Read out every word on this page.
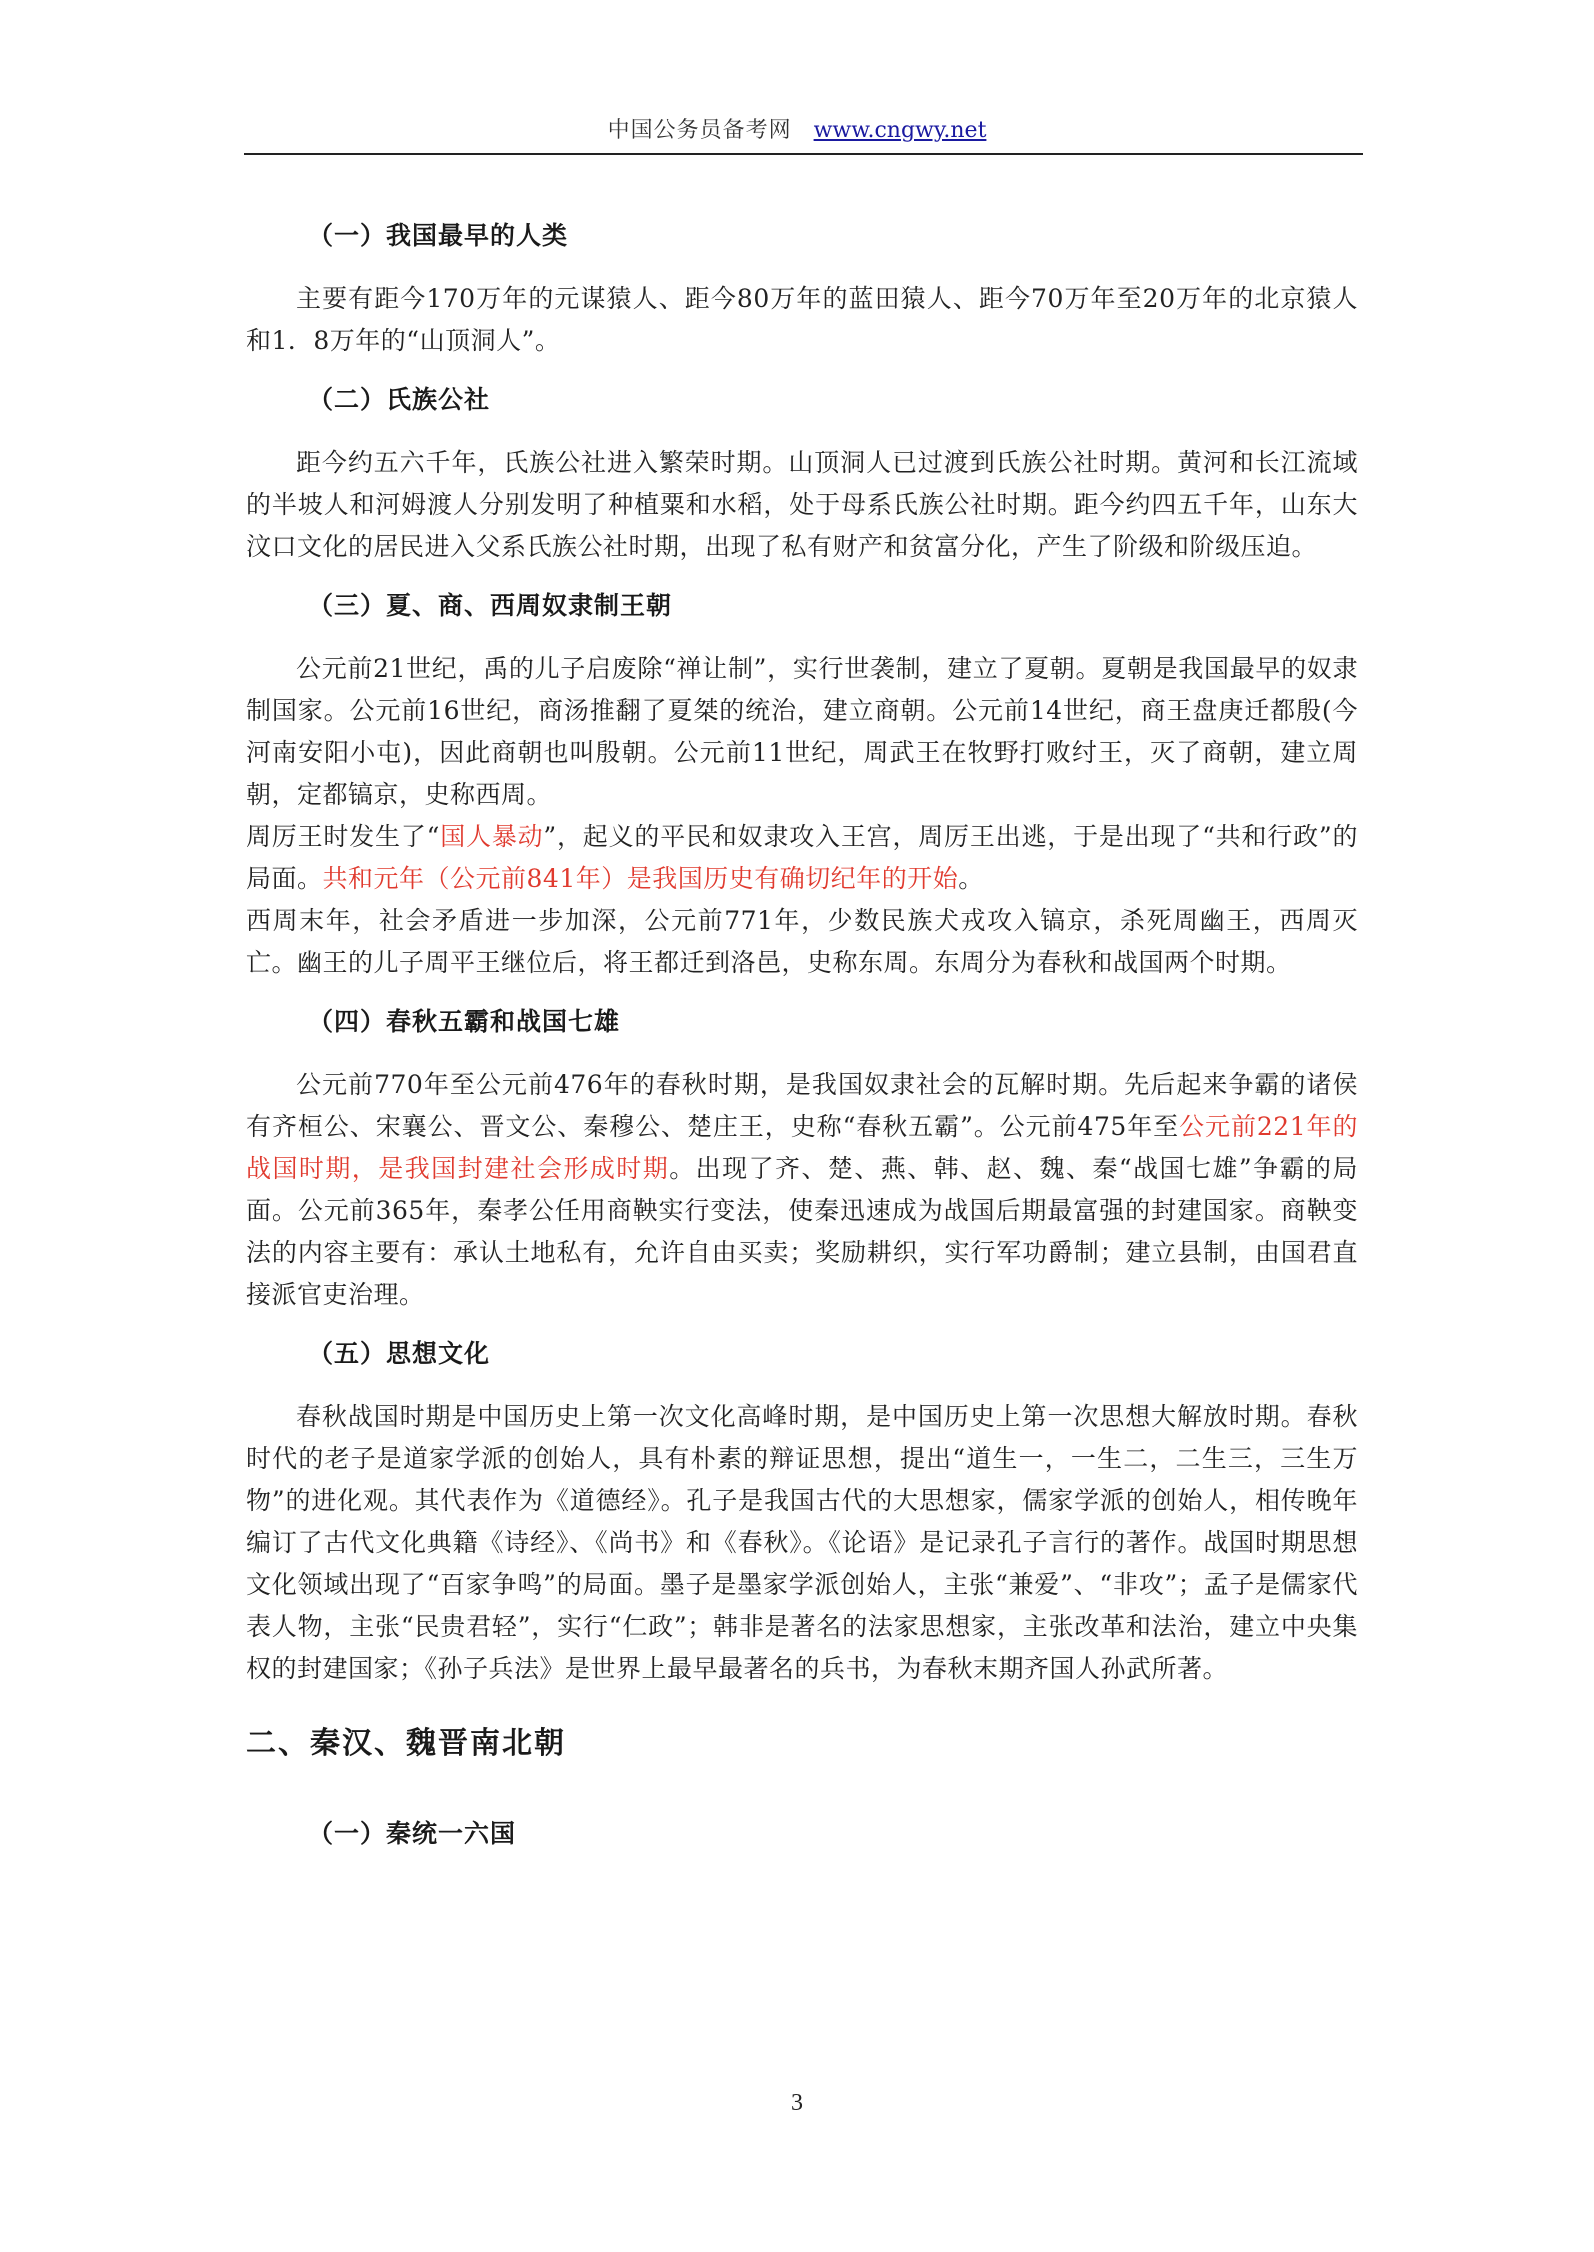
中国公务员备考网 www.cngwy.net
（一）我国最早的人类

主要有距今170万年的元谋猿人、距今80万年的蓝田猿人、距今70万年至20万年的北京猿人和1．8万年的“山顶洞人”。

（二）氏族公社

距今约五六千年，氏族公社进入繁荣时期。山顶洞人已过渡到氏族公社时期。黄河和长江流域的半坡人和河姆渡人分别发明了种植粟和水稻，处于母系氏族公社时期。距今约四五千年，山东大汶口文化的居民进入父系氏族公社时期，出现了私有财产和贫富分化，产生了阶级和阶级压迫。

（三）夏、商、西周奴隶制王朝

公元前21世纪，禹的儿子启废除“禅让制”，实行世袭制，建立了夏朝。夏朝是我国最早的奴隶制国家。公元前16世纪，商汤推翻了夏桀的统治，建立商朝。公元前14世纪，商王盘庚迁都殷(今河南安阳小屯)，因此商朝也叫殷朝。公元前11世纪，周武王在牧野打败纣王，灭了商朝，建立周朝，定都镐京，史称西周。

周厉王时发生了“国人暴动”，起义的平民和奴隶攻入王宫，周厉王出逃，于是出现了“共和行政”的局面。共和元年（公元前841年）是我国历史有确切纪年的开始。

西周末年，社会矛盾进一步加深，公元前771年，少数民族犬戎攻入镐京，杀死周幽王，西周灭亡。幽王的儿子周平王继位后，将王都迁到洛邑，史称东周。东周分为春秋和战国两个时期。

（四）春秋五霸和战国七雄

公元前770年至公元前476年的春秋时期，是我国奴隶社会的瓦解时期。先后起来争霸的诸侯有齐桓公、宋襄公、晋文公、秦穆公、楚庄王，史称“春秋五霸”。公元前475年至公元前221年的战国时期，是我国封建社会形成时期。出现了齐、楚、燕、韩、赵、魏、秦“战国七雄”争霸的局面。公元前365年，秦孝公任用商鞅实行变法，使秦迅速成为战国后期最富强的封建国家。商鞅变法的内容主要有：承认土地私有，允许自由买卖；奖励耕织，实行军功爵制；建立县制，由国君直接派官吏治理。

（五）思想文化

春秋战国时期是中国历史上第一次文化高峰时期，是中国历史上第一次思想大解放时期。春秋时代的老子是道家学派的创始人，具有朴素的辩证思想，提出“道生一，一生二，二生三，三生万物”的进化观。其代表作为《道德经》。孔子是我国古代的大思想家，儒家学派的创始人，相传晚年编订了古代文化典籍《诗经》、《尚书》和《春秋》。《论语》是记录孔子言行的著作。战国时期思想文化领域出现了“百家争鸣”的局面。墨子是墨家学派创始人，主张“兼爱”、“非攻”；孟子是儒家代表人物，主张“民贵君轻”，实行“仁政”；韩非是著名的法家思想家，主张改革和法治，建立中央集权的封建国家；《孙子兵法》是世界上最早最著名的兵书，为春秋末期齐国人孙武所著。

二、秦汉、魏晋南北朝
（一）秦统一六国
3
